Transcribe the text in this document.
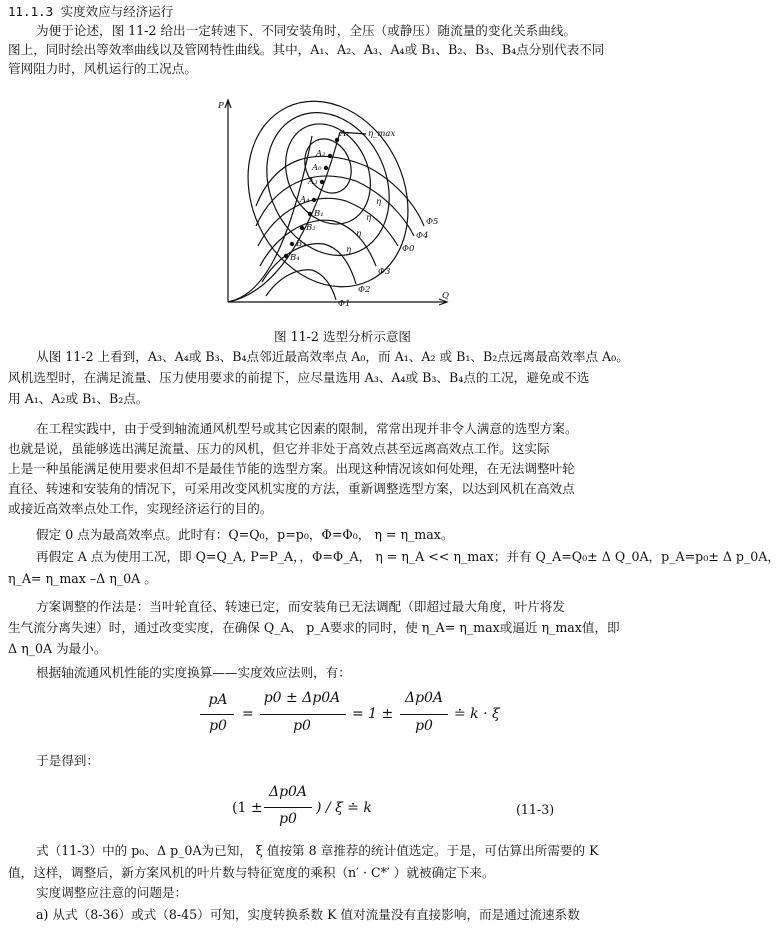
11.1.3 实度效应与经济运行
为便于论述，图 11-2 给出一定转速下、不同安装角时，全压（或静压）随流量的变化关系曲线。
图上，同时绘出等效率曲线以及管网特性曲线。其中，A₁、A₂、A₃、A₄或 B₁、B₂、B₃、B₄点分别代表不同
管网阻力时，风机运行的工况点。
P
Q
η_max
Φ5
Φ4
Φ0
Φ3
Φ2
Φ1
A₁
A₂
A₀
A₃
A₄
B₁
B₂
B₃
B₄
η
η
η
η
图 11-2 选型分析示意图
从图 11-2 上看到，A₃、A₄或 B₃、B₄点邻近最高效率点 A₀，而 A₁、A₂ 或 B₁、B₂点远离最高效率点 A₀。
风机选型时，在满足流量、压力使用要求的前提下，应尽量选用 A₃、A₄或 B₃、B₄点的工况，避免或不选
用 A₁、A₂或 B₁、B₂点。
在工程实践中，由于受到轴流通风机型号或其它因素的限制，常常出现并非令人满意的选型方案。
也就是说，虽能够选出满足流量、压力的风机，但它并非处于高效点甚至远离高效点工作。这实际
上是一种虽能满足使用要求但却不是最佳节能的选型方案。出现这种情况该如何处理，在无法调整叶轮
直径、转速和安装角的情况下，可采用改变风机实度的方法，重新调整选型方案，以达到风机在高效点
或接近高效率点处工作，实现经济运行的目的。
假定 0 点为最高效率点。此时有：Q=Q₀，p=p₀，Φ=Φ₀， η = η_max。
再假定 A 点为使用工况，即 Q=Q_A, P=P_A，，Φ=Φ_A， η = η_A << η_max；并有 Q_A=Q₀± Δ Q_0A，p_A=p₀± Δ p_0A，
η_A= η_max –Δ η_0A 。
方案调整的作法是：当叶轮直径、转速已定，而安装角已无法调配（即超过最大角度，叶片将发
生气流分离失速）时，通过改变实度，在确保 Q_A、 p_A要求的同时，使 η_A= η_max或逼近 η_max值，即
Δ η_0A 为最小。
根据轴流通风机性能的实度换算——实度效应法则，有：
pA
p0
=
p0 ± Δp0A
p0
= 1 ±
Δp0A
p0
≐ k · ξ
于是得到：
(1 ±
Δp0A
p0
) / ξ ≐ k	(11-3)
式（11-3）中的 p₀、Δ p_0A为已知， ξ 值按第 8 章推荐的统计值选定。于是，可估算出所需要的 K
值，这样，调整后，新方案风机的叶片数与特征宽度的乘积（n′ · C*′ ）就被确定下来。
实度调整应注意的问题是：
a) 从式（8-36）或式（8-45）可知，实度转换系数 K 值对流量没有直接影响，而是通过流速系数
